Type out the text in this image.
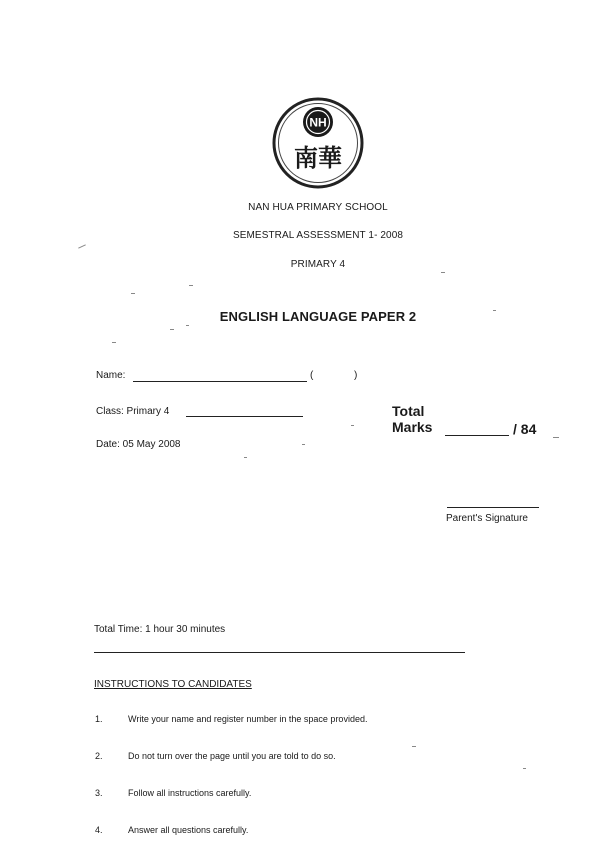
NH
南華
NAN HUA PRIMARY SCHOOL
SEMESTRAL ASSESSMENT 1- 2008
PRIMARY 4
ENGLISH LANGUAGE PAPER 2
Name:	(	)
Class: Primary 4
Date: 05 May 2008
Total
Marks	/ 84
Parent's Signature
Total Time: 1 hour 30 minutes
INSTRUCTIONS TO CANDIDATES
1.	Write your name and register number in the space provided.
2.	Do not turn over the page until you are told to do so.
3.	Follow all instructions carefully.
4.	Answer all questions carefully.
